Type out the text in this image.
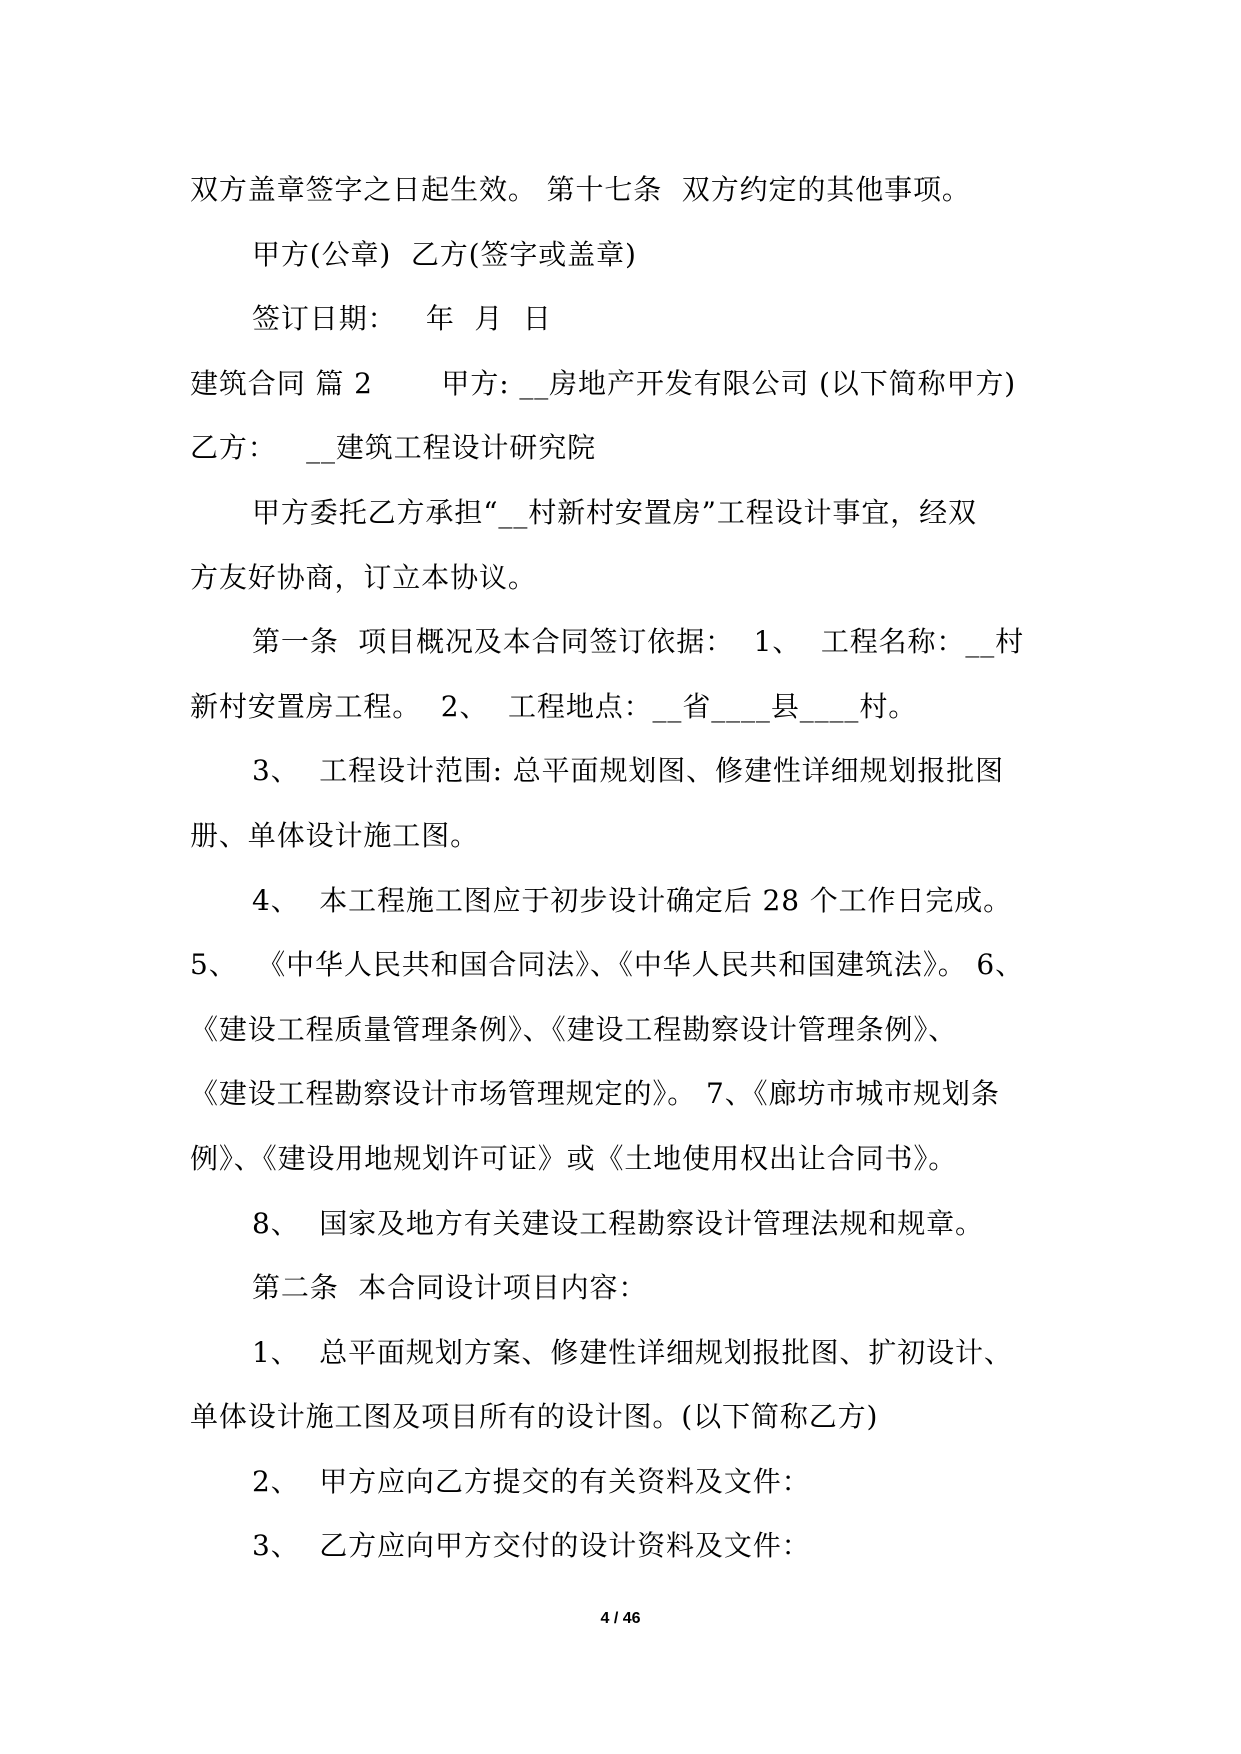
双方盖章签字之日起生效。 第十七条  双方约定的其他事项。
甲方(公章)  乙方(签字或盖章)
签订日期：   年  月  日
建筑合同 篇 2       甲方: __房地产开发有限公司 (以下简称甲方)
乙方：   __建筑工程设计研究院
甲方委托乙方承担“__村新村安置房”工程设计事宜，经双
方友好协商，订立本协议。
第一条  项目概况及本合同签订依据：  1、  工程名称：__村
新村安置房工程。  2、  工程地点：__省____县____村。
3、  工程设计范围: 总平面规划图、修建性详细规划报批图
册、单体设计施工图。
4、  本工程施工图应于初步设计确定后 28 个工作日完成。
5、  《中华人民共和国合同法》、《中华人民共和国建筑法》。 6、
《建设工程质量管理条例》、《建设工程勘察设计管理条例》、
《建设工程勘察设计市场管理规定的》。 7、《廊坊市城市规划条
例》、《建设用地规划许可证》或《土地使用权出让合同书》。
8、  国家及地方有关建设工程勘察设计管理法规和规章。
第二条  本合同设计项目内容：
1、  总平面规划方案、修建性详细规划报批图、扩初设计、
单体设计施工图及项目所有的设计图。(以下简称乙方)
2、  甲方应向乙方提交的有关资料及文件：
3、  乙方应向甲方交付的设计资料及文件：
4 / 46
